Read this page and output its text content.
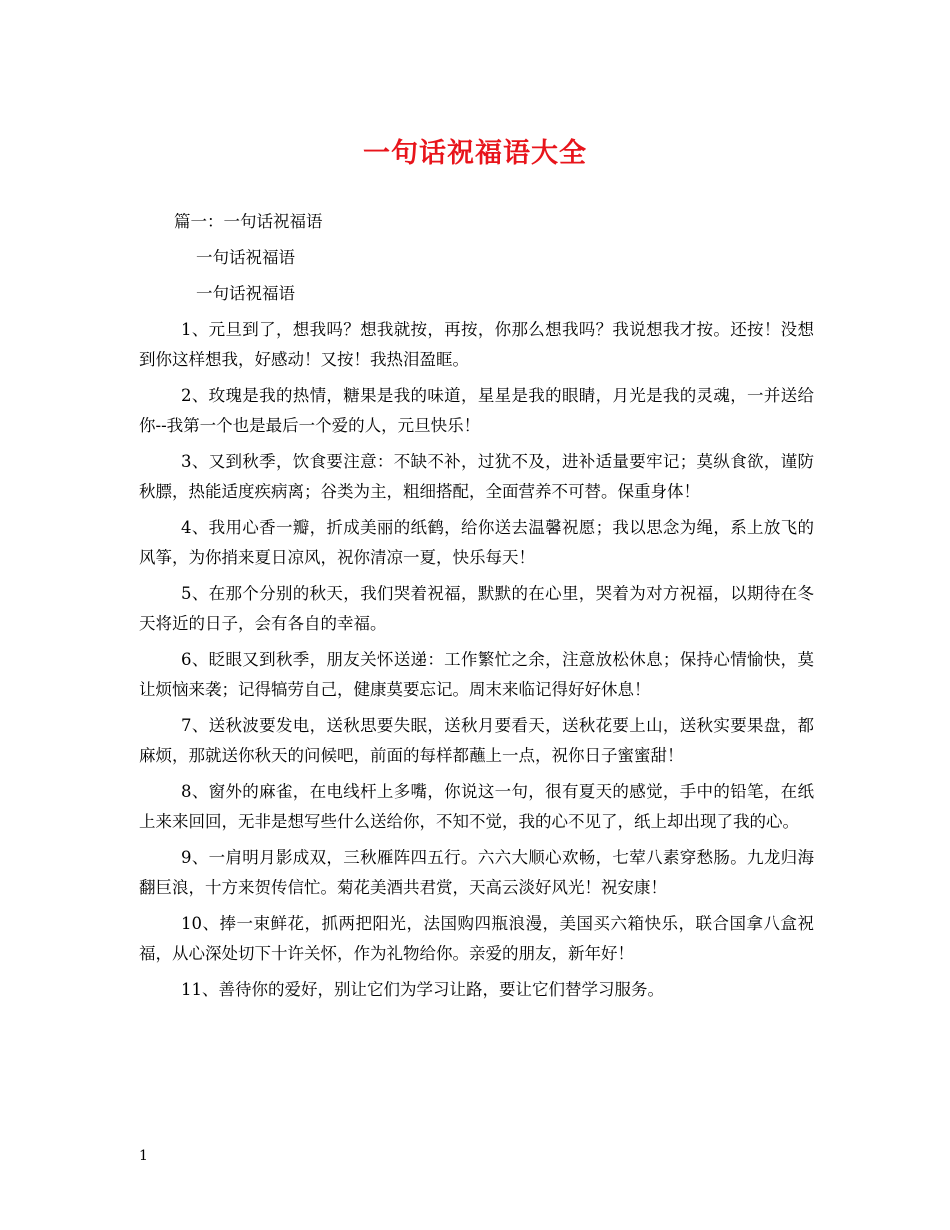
一句话祝福语大全

篇一：一句话祝福语

一句话祝福语

一句话祝福语

1、元旦到了，想我吗？想我就按，再按，你那么想我吗？我说想我才按。还按！没想到你这样想我，好感动！又按！我热泪盈眶。

2、玫瑰是我的热情，糖果是我的味道，星星是我的眼睛，月光是我的灵魂，一并送给你--我第一个也是最后一个爱的人，元旦快乐！

3、又到秋季，饮食要注意：不缺不补，过犹不及，进补适量要牢记；莫纵食欲，谨防秋膘，热能适度疾病离；谷类为主，粗细搭配，全面营养不可替。保重身体！

4、我用心香一瓣，折成美丽的纸鹤，给你送去温馨祝愿；我以思念为绳，系上放飞的风筝，为你捎来夏日凉风，祝你清凉一夏，快乐每天！

5、在那个分别的秋天，我们哭着祝福，默默的在心里，哭着为对方祝福，以期待在冬天将近的日子，会有各自的幸福。

6、眨眼又到秋季，朋友关怀送递：工作繁忙之余，注意放松休息；保持心情愉快，莫让烦恼来袭；记得犒劳自己，健康莫要忘记。周末来临记得好好休息！

7、送秋波要发电，送秋思要失眠，送秋月要看天，送秋花要上山，送秋实要果盘，都麻烦，那就送你秋天的问候吧，前面的每样都蘸上一点，祝你日子蜜蜜甜！

8、窗外的麻雀，在电线杆上多嘴，你说这一句，很有夏天的感觉，手中的铅笔，在纸上来来回回，无非是想写些什么送给你，不知不觉，我的心不见了，纸上却出现了我的心。

9、一肩明月影成双，三秋雁阵四五行。六六大顺心欢畅，七荤八素穿愁肠。九龙归海翻巨浪，十方来贺传信忙。菊花美酒共君赏，天高云淡好风光！祝安康！

10、捧一束鲜花，抓两把阳光，法国购四瓶浪漫，美国买六箱快乐，联合国拿八盒祝福，从心深处切下十许关怀，作为礼物给你。亲爱的朋友，新年好！

11、善待你的爱好，别让它们为学习让路，要让它们替学习服务。

1
